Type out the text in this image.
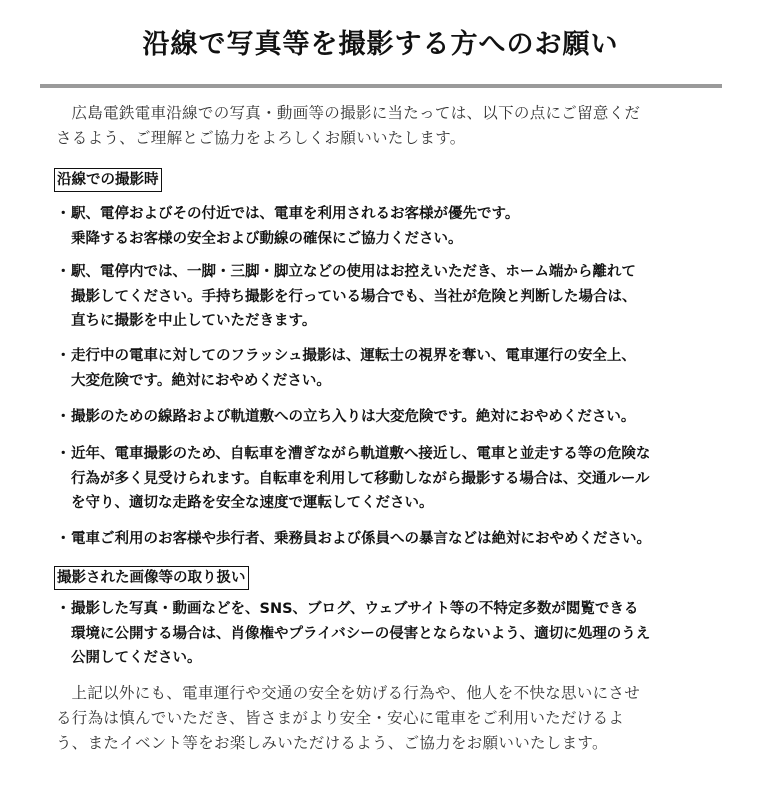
沿線で写真等を撮影する方へのお願い

広島電鉄電車沿線での写真・動画等の撮影に当たっては、以下の点にご留意くだ
さるよう、ご理解とご協力をよろしくお願いいたします。

沿線での撮影時
・ 駅、電停およびその付近では、電車を利用されるお客様が優先です。
乗降するお客様の安全および動線の確保にご協力ください。
・ 駅、電停内では、一脚・三脚・脚立などの使用はお控えいただき、ホーム端から離れて
撮影してください。手持ち撮影を行っている場合でも、当社が危険と判断した場合は、
直ちに撮影を中止していただきます。
・ 走行中の電車に対してのフラッシュ撮影は、運転士の視界を奪い、電車運行の安全上、
大変危険です。絶対におやめください。
・ 撮影のための線路および軌道敷への立ち入りは大変危険です。絶対におやめください。
・ 近年、電車撮影のため、自転車を漕ぎながら軌道敷へ接近し、電車と並走する等の危険な
行為が多く見受けられます。自転車を利用して移動しながら撮影する場合は、交通ルール
を守り、適切な走路を安全な速度で運転してください。
・ 電車ご利用のお客様や歩行者、乗務員および係員への暴言などは絶対におやめください。
撮影された画像等の取り扱い
・ 撮影した写真・動画などを、SNS、ブログ、ウェブサイト等の不特定多数が閲覧できる
環境に公開する場合は、肖像権やプライバシーの侵害とならないよう、適切に処理のうえ
公開してください。

上記以外にも、電車運行や交通の安全を妨げる行為や、他人を不快な思いにさせ
る行為は慎んでいただき、皆さまがより安全・安心に電車をご利用いただけるよ
う、またイベント等をお楽しみいただけるよう、ご協力をお願いいたします。
